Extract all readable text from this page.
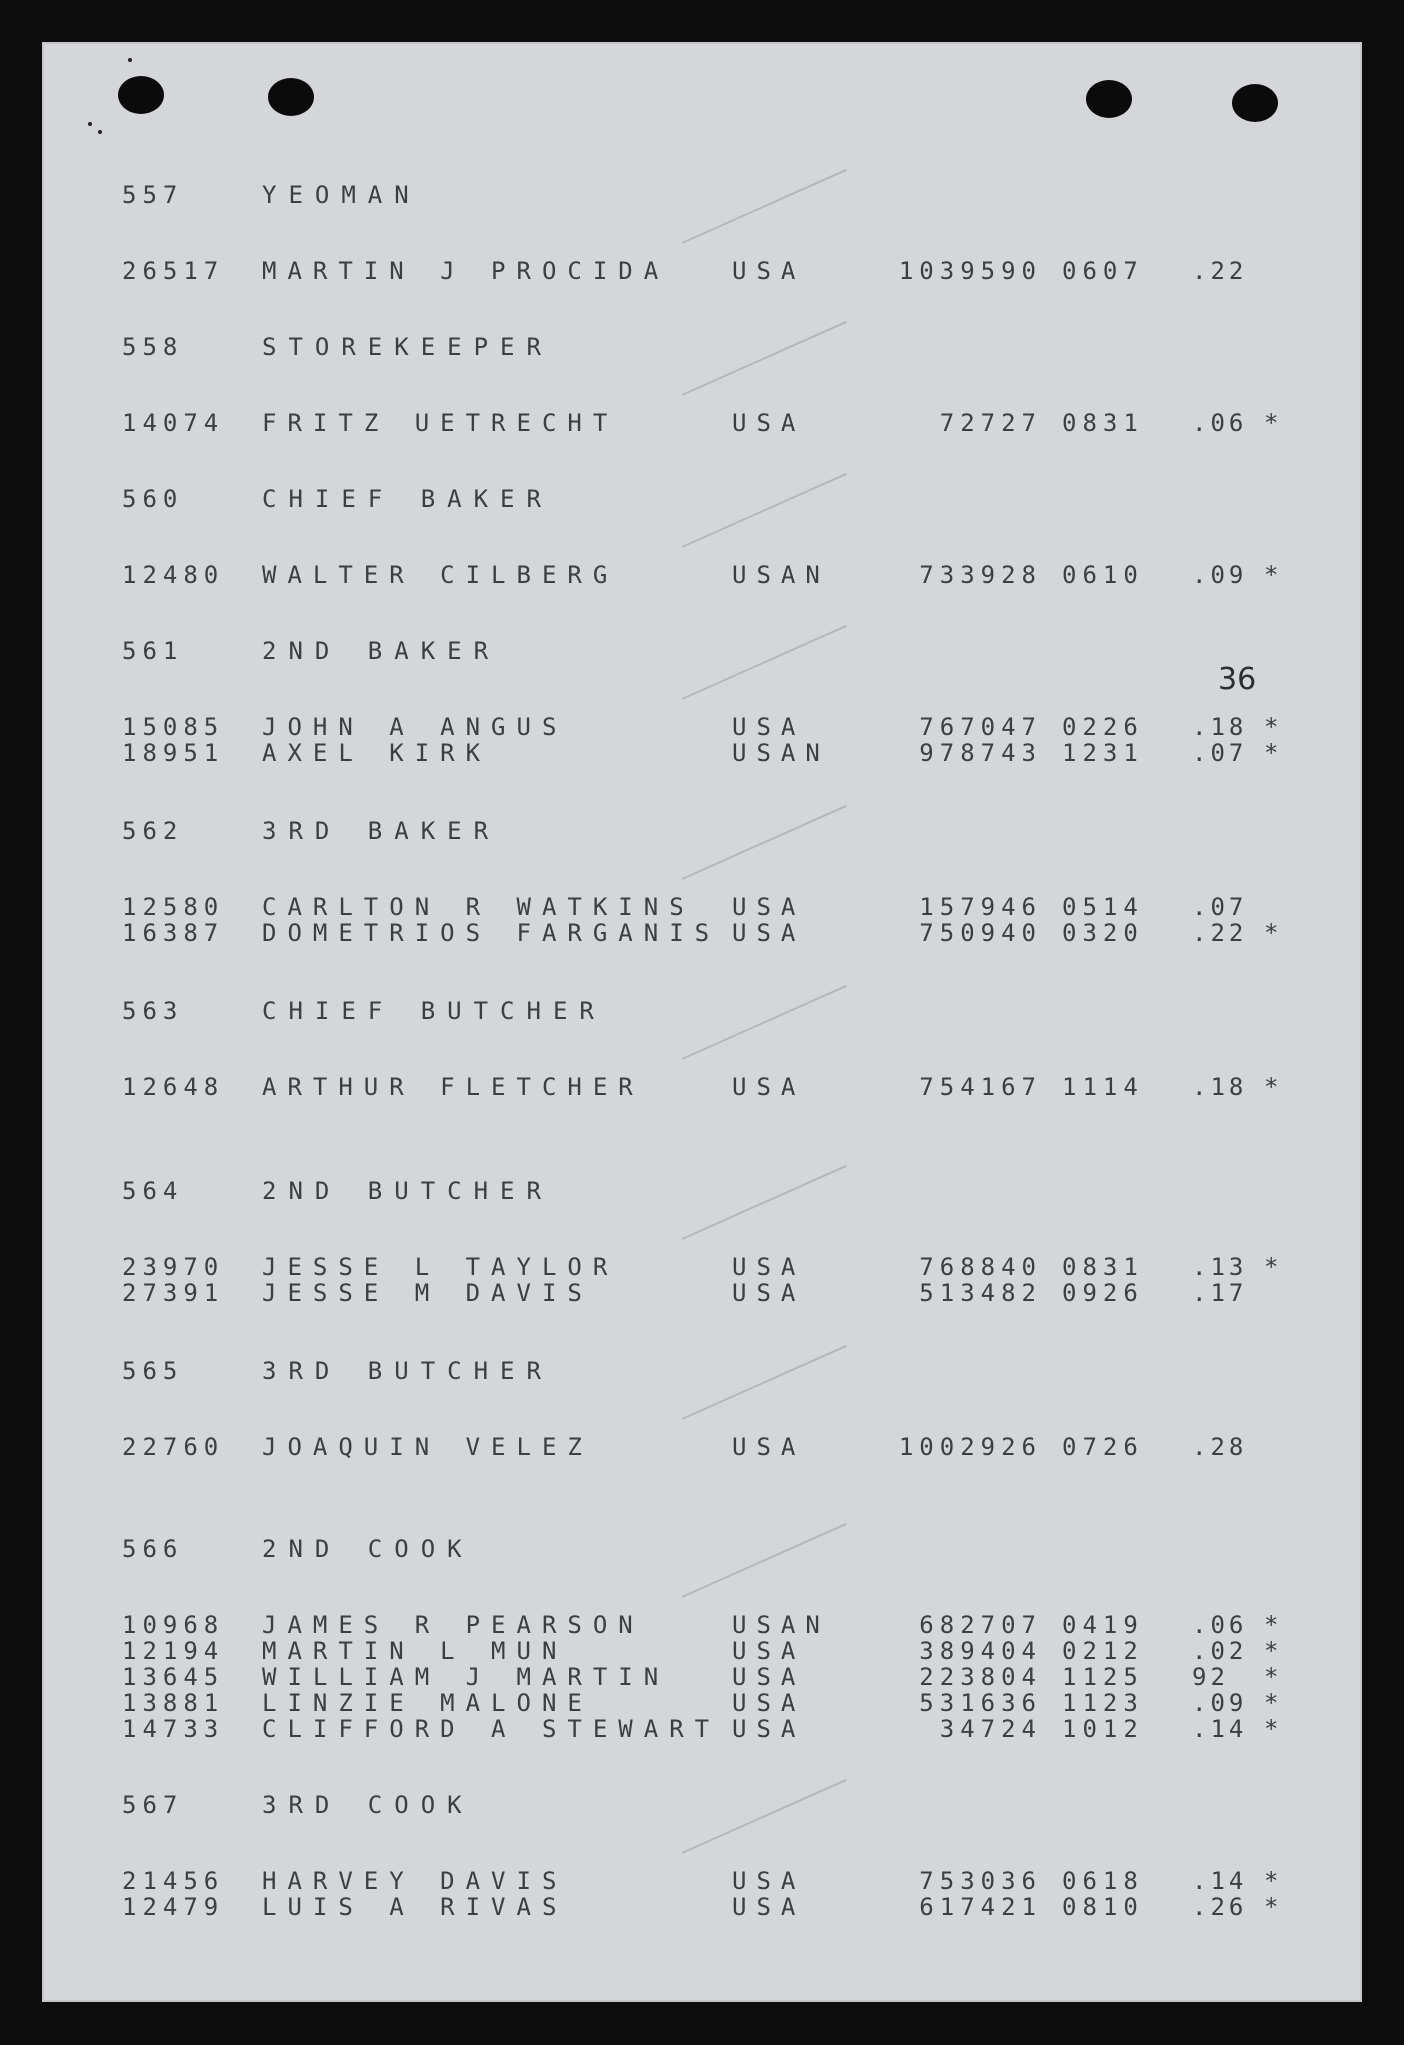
36
557	YEOMAN
26517 MARTIN J PROCIDA	USA	1039590 0607 .22
558	STOREKEEPER
14074 FRITZ UETRECHT	USA	72727 0831 .06 *
560	CHIEF BAKER
12480 WALTER CILBERG	USAN	733928 0610 .09 *
561	2ND BAKER
15085 JOHN A ANGUS	USA	767047 0226 .18 *
18951 AXEL KIRK	USAN	978743 1231 .07 *
562	3RD BAKER
12580 CARLTON R WATKINS USA	157946 0514 .07
16387 DOMETRIOS FARGANIS USA	750940 0320 .22 *
563	CHIEF BUTCHER
12648 ARTHUR FLETCHER	USA	754167 1114 .18 *
564	2ND BUTCHER
23970 JESSE L TAYLOR	USA	768840 0831 .13 *
27391 JESSE M DAVIS	USA	513482 0926 .17
565	3RD BUTCHER
22760 JOAQUIN VELEZ	USA	1002926 0726 .28
566	2ND COOK
10968 JAMES R PEARSON	USAN	682707 0419 .06 *
12194 MARTIN L MUN	USA	389404 0212 .02 *
13645 WILLIAM J MARTIN	USA	223804 1125 92 *
13881 LINZIE MALONE	USA	531636 1123 .09 *
14733 CLIFFORD A STEWART USA	34724 1012 .14 *
567	3RD COOK
21456 HARVEY DAVIS	USA	753036 0618 .14 *
12479 LUIS A RIVAS	USA	617421 0810 .26 *
